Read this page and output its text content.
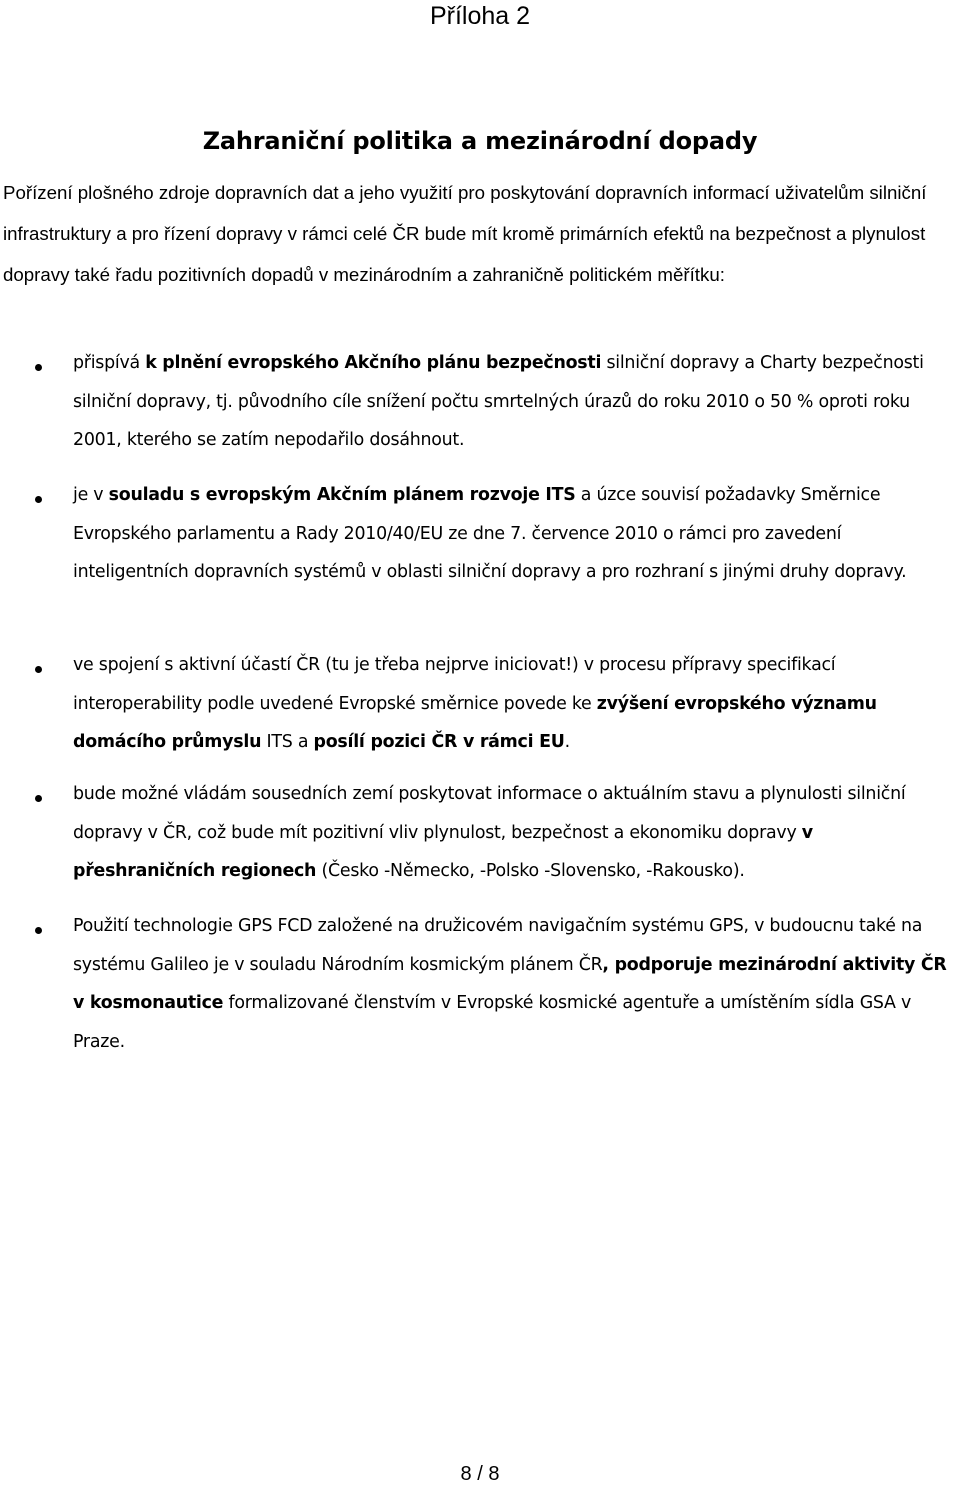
Příloha 2
Zahraniční politika a mezinárodní dopady
Pořízení plošného zdroje dopravních dat a jeho využití pro poskytování dopravních informací uživatelům silniční infrastruktury a pro řízení dopravy v rámci celé ČR bude mít kromě primárních efektů na bezpečnost a plynulost dopravy také řadu pozitivních dopadů v mezinárodním a zahraničně politickém měřítku:
přispívá k plnění evropského Akčního plánu bezpečnosti silniční dopravy a Charty bezpečnosti silniční dopravy, tj. původního cíle snížení počtu smrtelných úrazů do roku 2010 o 50 % oproti roku 2001, kterého se zatím nepodařilo dosáhnout.
je v souladu s evropským Akčním plánem rozvoje ITS a úzce souvisí požadavky Směrnice Evropského parlamentu a Rady 2010/40/EU ze dne 7. července 2010 o rámci pro zavedení inteligentních dopravních systémů v oblasti silniční dopravy a pro rozhraní s jinými druhy dopravy.
ve spojení s aktivní účastí ČR (tu je třeba nejprve iniciovat!) v procesu přípravy specifikací interoperability podle uvedené Evropské směrnice povede ke zvýšení evropského významu domácího průmyslu ITS a posílí pozici ČR v rámci EU.
bude možné vládám sousedních zemí poskytovat informace o aktuálním stavu a plynulosti silniční dopravy v ČR, což bude mít pozitivní vliv plynulost, bezpečnost a ekonomiku dopravy v přeshraničních regionech (Česko -Německo, -Polsko -Slovensko, -Rakousko).
Použití technologie GPS FCD založené na družicovém navigačním systému GPS, v budoucnu také na systému Galileo je v souladu Národním kosmickým plánem ČR, podporuje mezinárodní aktivity ČR v kosmonautice formalizované členstvím v Evropské kosmické agentuře a umístěním sídla GSA v Praze.
8 / 8
